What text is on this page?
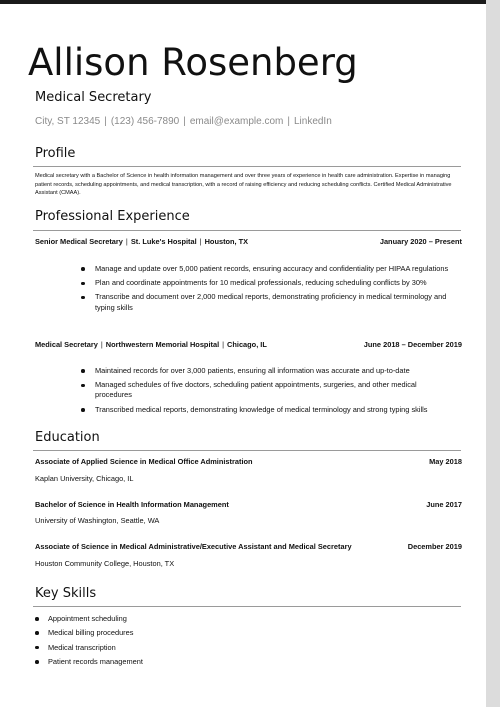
Allison Rosenberg
Medical Secretary
City, ST 12345 | (123) 456-7890 | email@example.com | LinkedIn
Profile
Medical secretary with a Bachelor of Science in health information management and over three years of experience in health care administration. Expertise in managing patient records, scheduling appointments, and medical transcription, with a record of raising efficiency and reducing scheduling conflicts. Certified Medical Administrative Assistant (CMAA).
Professional Experience
Senior Medical Secretary | St. Luke's Hospital | Houston, TX	January 2020 – Present
Manage and update over 5,000 patient records, ensuring accuracy and confidentiality per HIPAA regulations
Plan and coordinate appointments for 10 medical professionals, reducing scheduling conflicts by 30%
Transcribe and document over 2,000 medical reports, demonstrating proficiency in medical terminology and typing skills
Medical Secretary | Northwestern Memorial Hospital | Chicago, IL	June 2018 – December 2019
Maintained records for over 3,000 patients, ensuring all information was accurate and up-to-date
Managed schedules of five doctors, scheduling patient appointments, surgeries, and other medical procedures
Transcribed medical reports, demonstrating knowledge of medical terminology and strong typing skills
Education
Associate of Applied Science in Medical Office Administration	May 2018
Kaplan University, Chicago, IL
Bachelor of Science in Health Information Management	June 2017
University of Washington, Seattle, WA
Associate of Science in Medical Administrative/Executive Assistant and Medical Secretary	December 2019
Houston Community College, Houston, TX
Key Skills
Appointment scheduling
Medical billing procedures
Medical transcription
Patient records management
